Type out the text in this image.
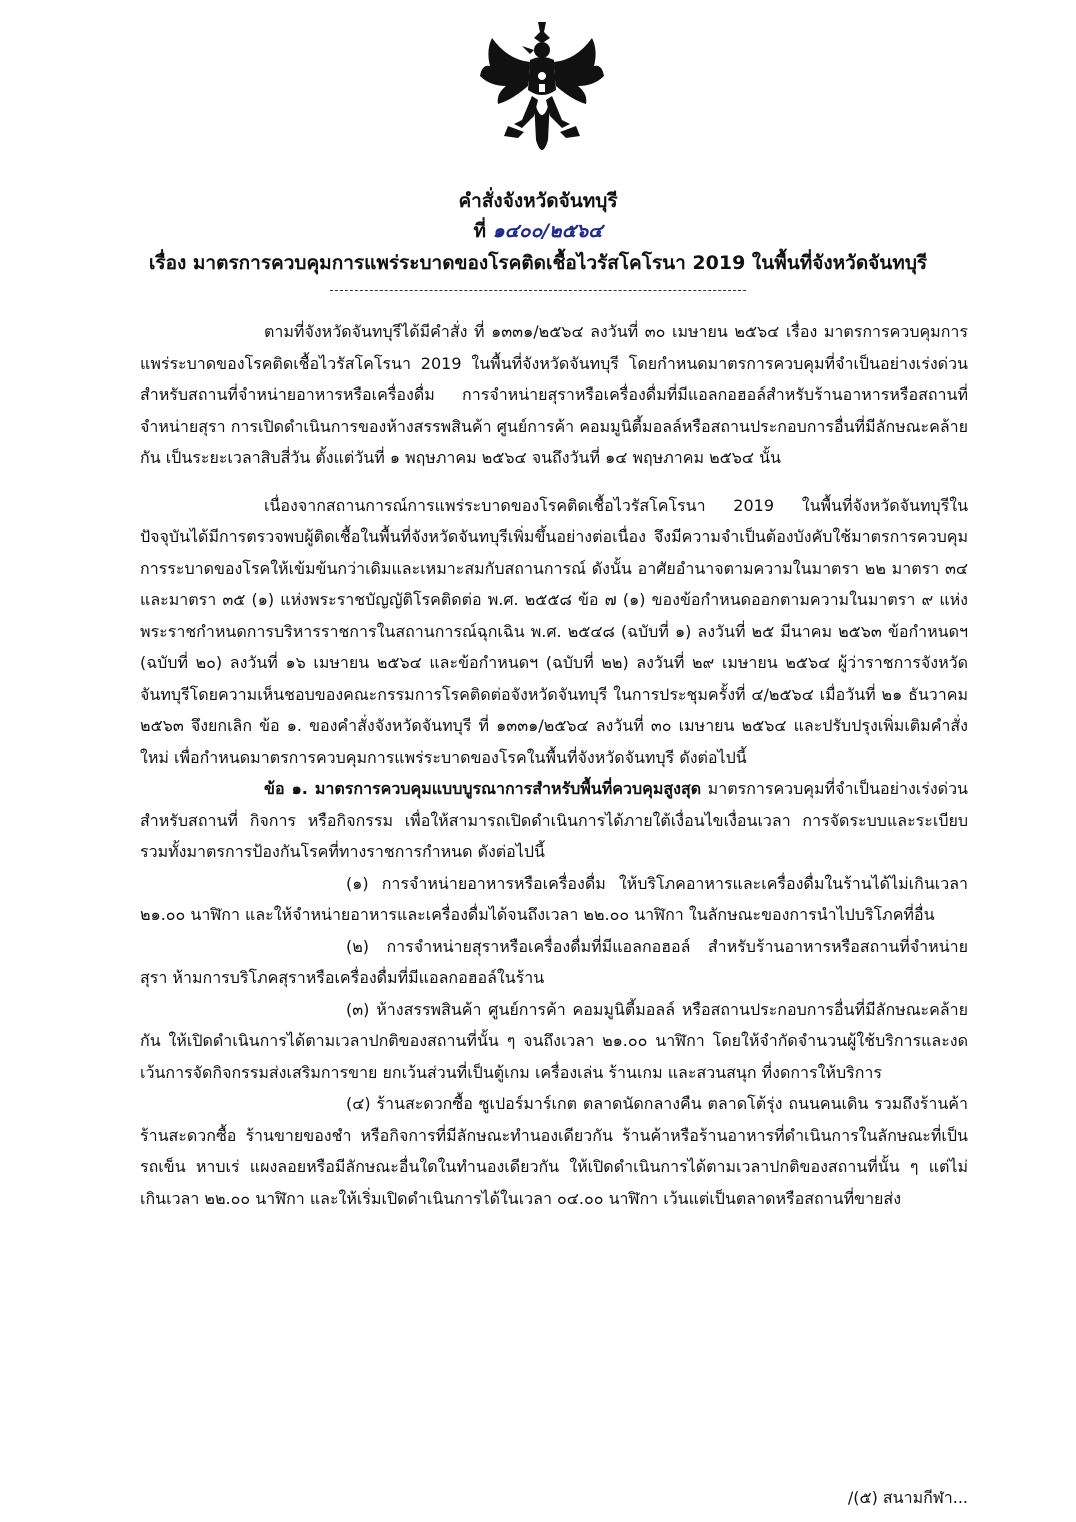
คำสั่งจังหวัดจันทบุรี
ที่ ๑๔๐๐/๒๕๖๔
เรื่อง มาตรการควบคุมการแพร่ระบาดของโรคติดเชื้อไวรัสโคโรนา 2019 ในพื้นที่จังหวัดจันทบุรี

ตามที่จังหวัดจันทบุรีได้มีคำสั่ง ที่ ๑๓๓๑/๒๕๖๔ ลงวันที่ ๓๐ เมษายน ๒๕๖๔ เรื่อง มาตรการควบคุมการแพร่ระบาดของโรคติดเชื้อไวรัสโคโรนา 2019 ในพื้นที่จังหวัดจันทบุรี โดยกำหนดมาตรการควบคุมที่จำเป็นอย่างเร่งด่วนสำหรับสถานที่จำหน่ายอาหารหรือเครื่องดื่ม การจำหน่ายสุราหรือเครื่องดื่มที่มีแอลกอฮอล์สำหรับร้านอาหารหรือสถานที่จำหน่ายสุรา การเปิดดำเนินการของห้างสรรพสินค้า ศูนย์การค้า คอมมูนิตี้มอลล์หรือสถานประกอบการอื่นที่มีลักษณะคล้ายกัน เป็นระยะเวลาสิบสี่วัน ตั้งแต่วันที่ ๑ พฤษภาคม ๒๕๖๔ จนถึงวันที่ ๑๔ พฤษภาคม ๒๕๖๔ นั้น

เนื่องจากสถานการณ์การแพร่ระบาดของโรคติดเชื้อไวรัสโคโรนา 2019 ในพื้นที่จังหวัดจันทบุรีในปัจจุบันได้มีการตรวจพบผู้ติดเชื้อในพื้นที่จังหวัดจันทบุรีเพิ่มขึ้นอย่างต่อเนื่อง จึงมีความจำเป็นต้องบังคับใช้มาตรการควบคุมการระบาดของโรคให้เข้มข้นกว่าเดิมและเหมาะสมกับสถานการณ์ ดังนั้น อาศัยอำนาจตามความในมาตรา ๒๒ มาตรา ๓๔ และมาตรา ๓๕ (๑) แห่งพระราชบัญญัติโรคติดต่อ พ.ศ. ๒๕๕๘ ข้อ ๗ (๑) ของข้อกำหนดออกตามความในมาตรา ๙ แห่งพระราชกำหนดการบริหารราชการในสถานการณ์ฉุกเฉิน พ.ศ. ๒๕๔๘ (ฉบับที่ ๑) ลงวันที่ ๒๕ มีนาคม ๒๕๖๓ ข้อกำหนดฯ (ฉบับที่ ๒๐) ลงวันที่ ๑๖ เมษายน ๒๕๖๔ และข้อกำหนดฯ (ฉบับที่ ๒๒) ลงวันที่ ๒๙ เมษายน ๒๕๖๔ ผู้ว่าราชการจังหวัดจันทบุรีโดยความเห็นชอบของคณะกรรมการโรคติดต่อจังหวัดจันทบุรี ในการประชุมครั้งที่ ๔/๒๕๖๔ เมื่อวันที่ ๒๑ ธันวาคม ๒๕๖๓ จึงยกเลิก ข้อ ๑. ของคำสั่งจังหวัดจันทบุรี ที่ ๑๓๓๑/๒๕๖๔ ลงวันที่ ๓๐ เมษายน ๒๕๖๔ และปรับปรุงเพิ่มเติมคำสั่งใหม่ เพื่อกำหนดมาตรการควบคุมการแพร่ระบาดของโรคในพื้นที่จังหวัดจันทบุรี ดังต่อไปนี้

ข้อ ๑. มาตรการควบคุมแบบบูรณาการสำหรับพื้นที่ควบคุมสูงสุด มาตรการควบคุมที่จำเป็นอย่างเร่งด่วนสำหรับสถานที่ กิจการ หรือกิจกรรม เพื่อให้สามารถเปิดดำเนินการได้ภายใต้เงื่อนไขเงื่อนเวลา การจัดระบบและระเบียบ รวมทั้งมาตรการป้องกันโรคที่ทางราชการกำหนด ดังต่อไปนี้

(๑) การจำหน่ายอาหารหรือเครื่องดื่ม ให้บริโภคอาหารและเครื่องดื่มในร้านได้ไม่เกินเวลา ๒๑.๐๐ นาฬิกา และให้จำหน่ายอาหารและเครื่องดื่มได้จนถึงเวลา ๒๒.๐๐ นาฬิกา ในลักษณะของการนำไปบริโภคที่อื่น

(๒) การจำหน่ายสุราหรือเครื่องดื่มที่มีแอลกอฮอล์ สำหรับร้านอาหารหรือสถานที่จำหน่ายสุรา ห้ามการบริโภคสุราหรือเครื่องดื่มที่มีแอลกอฮอล์ในร้าน

(๓) ห้างสรรพสินค้า ศูนย์การค้า คอมมูนิตี้มอลล์ หรือสถานประกอบการอื่นที่มีลักษณะคล้ายกัน ให้เปิดดำเนินการได้ตามเวลาปกติของสถานที่นั้น ๆ จนถึงเวลา ๒๑.๐๐ นาฬิกา โดยให้จำกัดจำนวนผู้ใช้บริการและงดเว้นการจัดกิจกรรมส่งเสริมการขาย ยกเว้นส่วนที่เป็นตู้เกม เครื่องเล่น ร้านเกม และสวนสนุก ที่งดการให้บริการ

(๔) ร้านสะดวกซื้อ ซูเปอร์มาร์เกต ตลาดนัดกลางคืน ตลาดโต้รุ่ง ถนนคนเดิน รวมถึงร้านค้า ร้านสะดวกซื้อ ร้านขายของชำ หรือกิจการที่มีลักษณะทำนองเดียวกัน ร้านค้าหรือร้านอาหารที่ดำเนินการในลักษณะที่เป็นรถเข็น หาบเร่ แผงลอยหรือมีลักษณะอื่นใดในทำนองเดียวกัน ให้เปิดดำเนินการได้ตามเวลาปกติของสถานที่นั้น ๆ แต่ไม่เกินเวลา ๒๒.๐๐ นาฬิกา และให้เริ่มเปิดดำเนินการได้ในเวลา ๐๔.๐๐ นาฬิกา เว้นแต่เป็นตลาดหรือสถานที่ขายส่ง

/(๕) สนามกีฬา...
